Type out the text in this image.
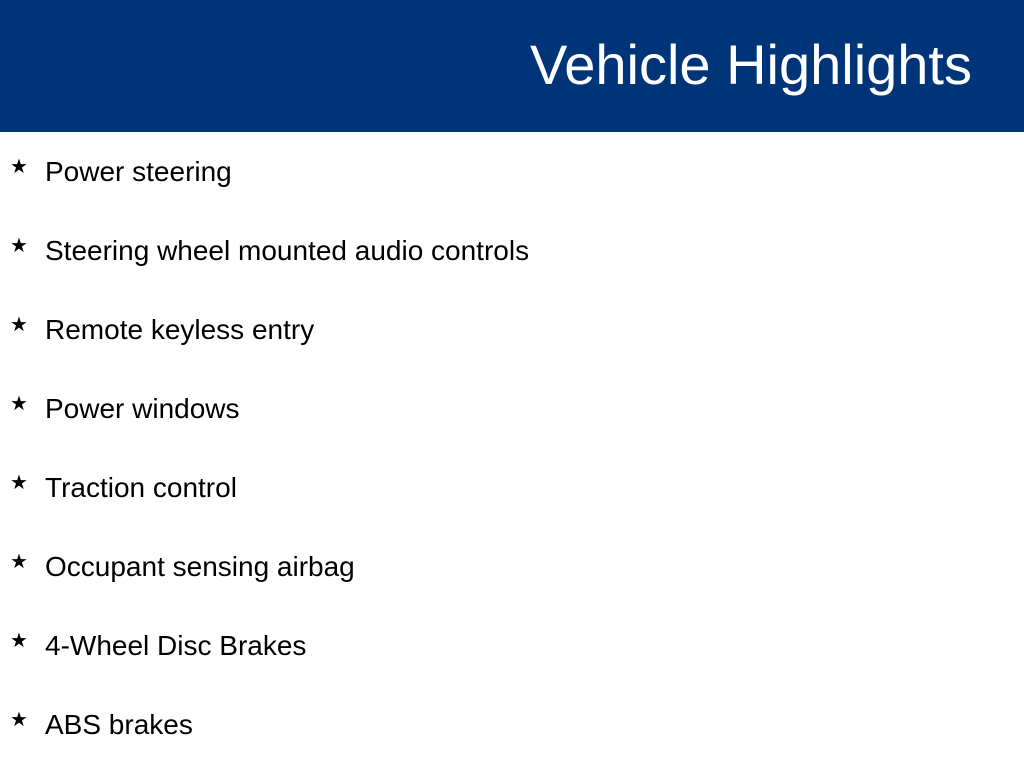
Vehicle Highlights
★ Power steering
★ Steering wheel mounted audio controls
★ Remote keyless entry
★ Power windows
★ Traction control
★ Occupant sensing airbag
★ 4-Wheel Disc Brakes
★ ABS brakes
